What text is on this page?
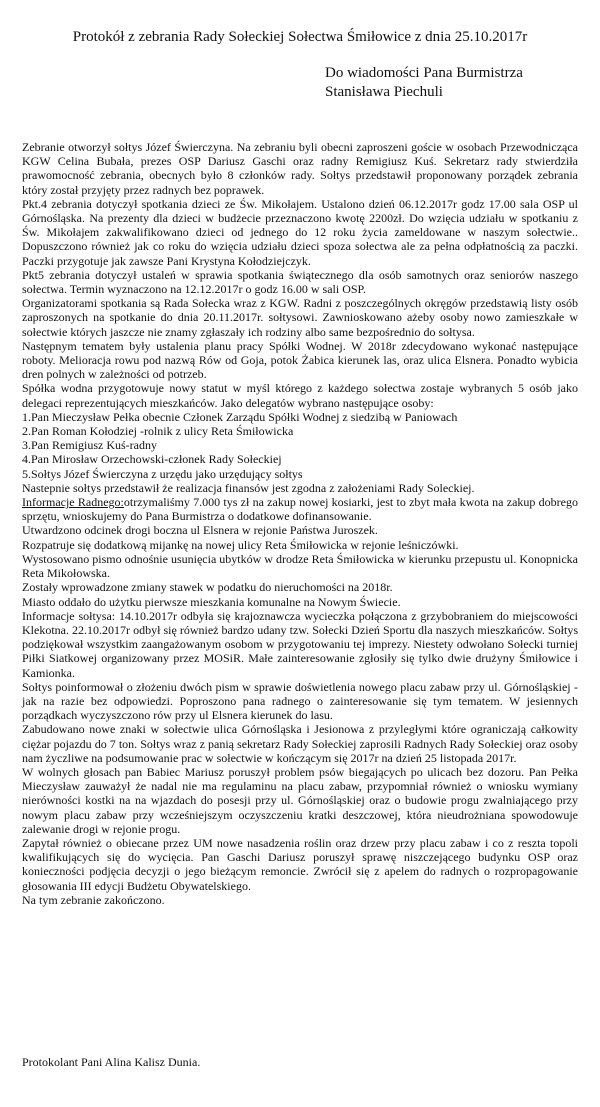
Protokół z zebrania Rady Sołeckiej Sołectwa Śmiłowice z dnia 25.10.2017r
Do wiadomości Pana Burmistrza
Stanisława Piechuli

Zebranie otworzył sołtys Józef Świerczyna. Na zebraniu byli obecni zaproszeni goście w osobach Przewodnicząca KGW Celina Bubała, prezes OSP Dariusz Gaschi oraz radny Remigiusz Kuś. Sekretarz rady stwierdziła prawomocność zebrania, obecnych było 8 członków rady. Sołtys przedstawił proponowany porządek zebrania który został przyjęty przez radnych bez poprawek.

Pkt.4 zebrania dotyczył spotkania dzieci ze Św. Mikołajem. Ustalono dzień 06.12.2017r godz 17.00 sala OSP ul Górnośląska. Na prezenty dla dzieci w budżecie przeznaczono kwotę 2200zł. Do wzięcia udziału w spotkaniu z Św. Mikołajem zakwalifikowano dzieci od jednego do 12 roku życia zameldowane w naszym sołectwie.. Dopuszczono również jak co roku do wzięcia udziału dzieci spoza sołectwa ale za pełna odpłatnością za paczki. Paczki przygotuje jak zawsze Pani Krystyna Kołodziejczyk.

Pkt5 zebrania dotyczył ustaleń w sprawia spotkania świątecznego dla osób samotnych oraz seniorów naszego sołectwa. Termin wyznaczono na 12.12.2017r o godz 16.00 w sali OSP.

Organizatorami spotkania są Rada Sołecka wraz z KGW. Radni z poszczególnych okręgów przedstawią listy osób zaproszonych na spotkanie do dnia 20.11.2017r. sołtysowi. Zawnioskowano ażeby osoby nowo zamieszkałe w sołectwie których jaszcze nie znamy zgłaszały ich rodziny albo same bezpośrednio do sołtysa.

Następnym tematem były ustalenia planu pracy Spółki Wodnej. W 2018r zdecydowano wykonać następujące roboty. Melioracja rowu pod nazwą Rów od Goja, potok Żabica kierunek las, oraz ulica Elsnera. Ponadto wybicia dren polnych w zależności od potrzeb.

Spółka wodna przygotowuje nowy statut w myśl którego z każdego sołectwa zostaje wybranych 5 osób jako delegaci reprezentujących mieszkańców. Jako delegatów wybrano następujące osoby:

1.Pan Mieczysław Pełka obecnie Członek Zarządu Spółki Wodnej z siedzibą w Paniowach

2.Pan Roman Kołodziej -rolnik z ulicy Reta Śmiłowicka

3.Pan Remigiusz Kuś-radny

4.Pan Mirosław Orzechowski-członek Rady Sołeckiej

5.Sołtys Józef Świerczyna z urzędu jako urzędujący sołtys

Nastepnie sołtys przedstawił że realizacja finansów jest zgodna z założeniami Rady Soleckiej.

Informacje Radnego:otrzymaliśmy 7.000 tys zł na zakup nowej kosiarki, jest to zbyt mała kwota na zakup dobrego sprzętu, wnioskujemy do Pana Burmistrza o dodatkowe dofinansowanie.

Utwardzono odcinek drogi boczna ul Elsnera w rejonie Państwa Juroszek.

Rozpatruje się dodatkową mijankę na nowej ulicy Reta Śmiłowicka w rejonie leśniczówki.

Wystosowano pismo odnośnie usunięcia ubytków w drodze Reta Śmiłowicka w kierunku przepustu ul. Konopnicka Reta Mikołowska.

Zostały wprowadzone zmiany stawek w podatku do nieruchomości na 2018r.

Miasto oddało do użytku pierwsze mieszkania komunalne na Nowym Świecie.

Informacje sołtysa: 14.10.2017r odbyła się krajoznawcza wycieczka połączona z grzybobraniem do miejscowości Klekotna. 22.10.2017r odbył się również bardzo udany tzw. Sołecki Dzień Sportu dla naszych mieszkańców. Sołtys podziękował wszystkim zaangażowanym osobom w przygotowaniu tej imprezy. Niestety odwołano Sołecki turniej Piłki Siatkowej organizowany przez MOSiR. Małe zainteresowanie zgłosiły się tylko dwie drużyny Śmiłowice i Kamionka.

Sołtys poinformował o złożeniu dwóch pism w sprawie doświetlenia nowego placu zabaw przy ul. Górnośląskiej -jak na razie bez odpowiedzi. Poproszono pana radnego o zainteresowanie się tym tematem. W jesiennych porządkach wyczyszczono rów przy ul Elsnera kierunek do lasu.

Zabudowano nowe znaki w sołectwie ulica Górnośląska i Jesionowa z przyległymi które ograniczają całkowity ciężar pojazdu do 7 ton. Sołtys wraz z panią sekretarz Rady Sołeckiej zaprosili Radnych Rady Sołeckiej oraz osoby nam życzliwe na podsumowanie prac w sołectwie w kończącym się 2017r na dzień 25 listopada 2017r.

W wolnych głosach pan Babiec Mariusz poruszył problem psów biegających po ulicach bez dozoru. Pan Pełka Mieczysław zauważył że nadal nie ma regulaminu na placu zabaw, przypomniał również o wniosku wymiany nierówności kostki na na wjazdach do posesji przy ul. Górnośląskiej oraz o budowie progu zwalniającego przy nowym placu zabaw przy wcześniejszym oczyszczeniu kratki deszczowej, która nieudrożniana spowodowuje zalewanie drogi w rejonie progu.

Zapytał również o obiecane przez UM nowe nasadzenia roślin oraz drzew przy placu zabaw i co z reszta topoli kwalifikujących się do wycięcia. Pan Gaschi Dariusz poruszył sprawę niszczejącego budynku OSP oraz konieczności podjęcia decyzji o jego bieżącym remoncie. Zwrócił się z apelem do radnych o rozpropagowanie głosowania III edycji Budżetu Obywatelskiego.

Na tym zebranie zakończono.

Protokolant Pani Alina Kalisz Dunia.
